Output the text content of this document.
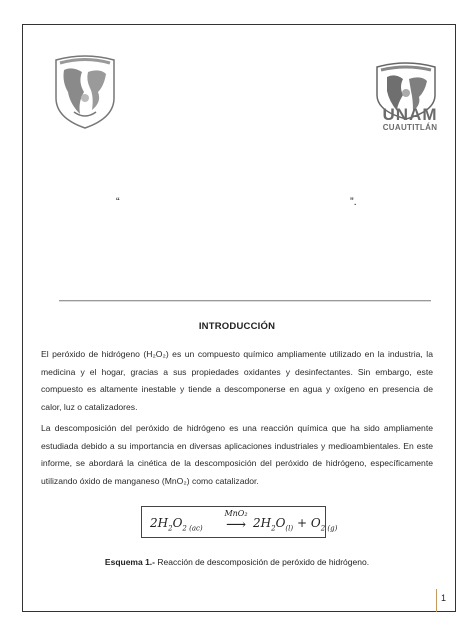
UNAM
CUAUTITLÁN
“	”.
INTRODUCCIÓN
El peróxido de hidrógeno (H₂O₂) es un compuesto químico ampliamente utilizado en la industria, la medicina y el hogar, gracias a sus propiedades oxidantes y desinfectantes. Sin embargo, este compuesto es altamente inestable y tiende a descomponerse en agua y oxígeno en presencia de calor, luz o catalizadores.
La descomposición del peróxido de hidrógeno es una reacción química que ha sido ampliamente estudiada debido a su importancia en diversas aplicaciones industriales y medioambientales. En este informe, se abordará la cinética de la descomposición del peróxido de hidrógeno, específicamente utilizando óxido de manganeso (MnO₂) como catalizador.
$2H_2O_{2 (ac)}$
MnO₂
⟶ $2H_2O_{(l)} + O_{2 (g)}$
Esquema 1.- Reacción de descomposición de peróxido de hidrógeno.
1
